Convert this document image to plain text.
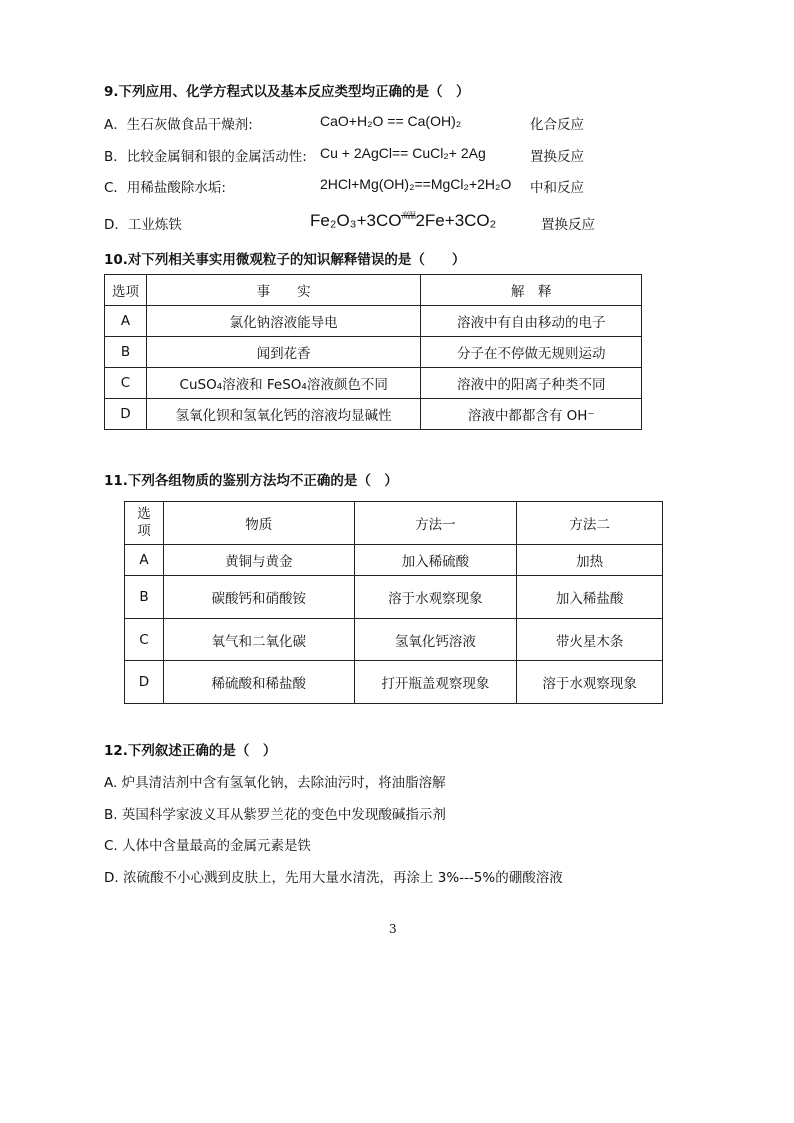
9.下列应用、化学方程式以及基本反应类型均正确的是（　）
A．生石灰做食品干燥剂:	CaO+H₂O == Ca(OH)₂	化合反应
B．比较金属铜和银的金属活动性: Cu + 2AgCl== CuCl₂+ 2Ag	置换反应
C．用稀盐酸除水垢:	2HCl+Mg(OH)₂==MgCl₂+2H₂O 中和反应
D．工业炼铁	$Fe_2O_3+3CO^{高温}2Fe+3CO_2$	置换反应
10.对下列相关事实用微观粒子的知识解释错误的是（　　）
选项	事　　实	解　释
A	氯化钠溶液能导电	溶液中有自由移动的电子
B	闻到花香	分子在不停做无规则运动
C	CuSO₄溶液和 FeSO₄溶液颜色不同	溶液中的阳离子种类不同
D	氢氧化钡和氢氧化钙的溶液均显碱性	溶液中都都含有 OH⁻
11.下列各组物质的鉴别方法均不正确的是（　）
选项	物质	方法一	方法二
A	黄铜与黄金	加入稀硫酸	加热
B	碳酸钙和硝酸铵	溶于水观察现象	加入稀盐酸
C	氧气和二氧化碳	氢氧化钙溶液	带火星木条
D	稀硫酸和稀盐酸	打开瓶盖观察现象	溶于水观察现象
12.下列叙述正确的是（　）
A. 炉具清洁剂中含有氢氧化钠，去除油污时，将油脂溶解
B. 英国科学家波义耳从紫罗兰花的变色中发现酸碱指示剂
C. 人体中含量最高的金属元素是铁
D. 浓硫酸不小心溅到皮肤上，先用大量水清洗，再涂上 3%---5%的硼酸溶液
3
